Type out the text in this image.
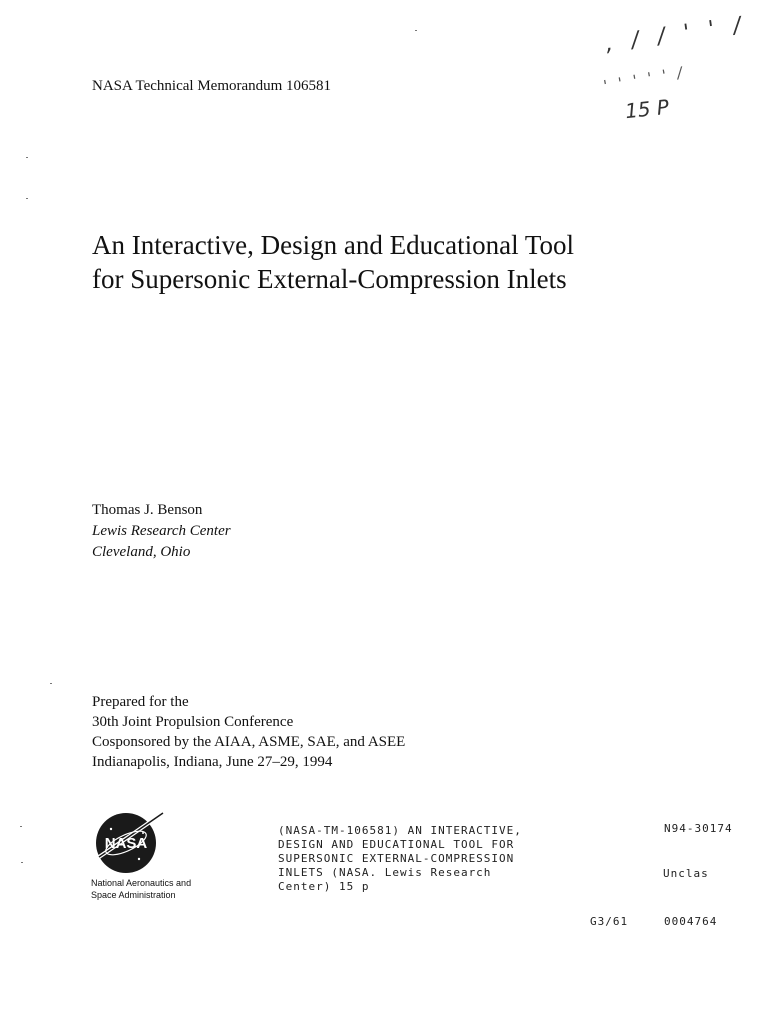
NASA Technical Memorandum 106581
, / / ' ' /
' ' ' ' ' /
15 P
An Interactive, Design and Educational Tool
for Supersonic External-Compression Inlets
Thomas J. Benson
Lewis Research Center
Cleveland, Ohio
Prepared for the
30th Joint Propulsion Conference
Cosponsored by the AIAA, ASME, SAE, and ASEE
Indianapolis, Indiana, June 27–29, 1994
NASA
National Aeronautics and
Space Administration
(NASA-TM-106581) AN INTERACTIVE,
DESIGN AND EDUCATIONAL TOOL FOR
SUPERSONIC EXTERNAL-COMPRESSION
INLETS (NASA. Lewis Research
Center) 15 p
N94-30174
Unclas
G3/61	0004764
